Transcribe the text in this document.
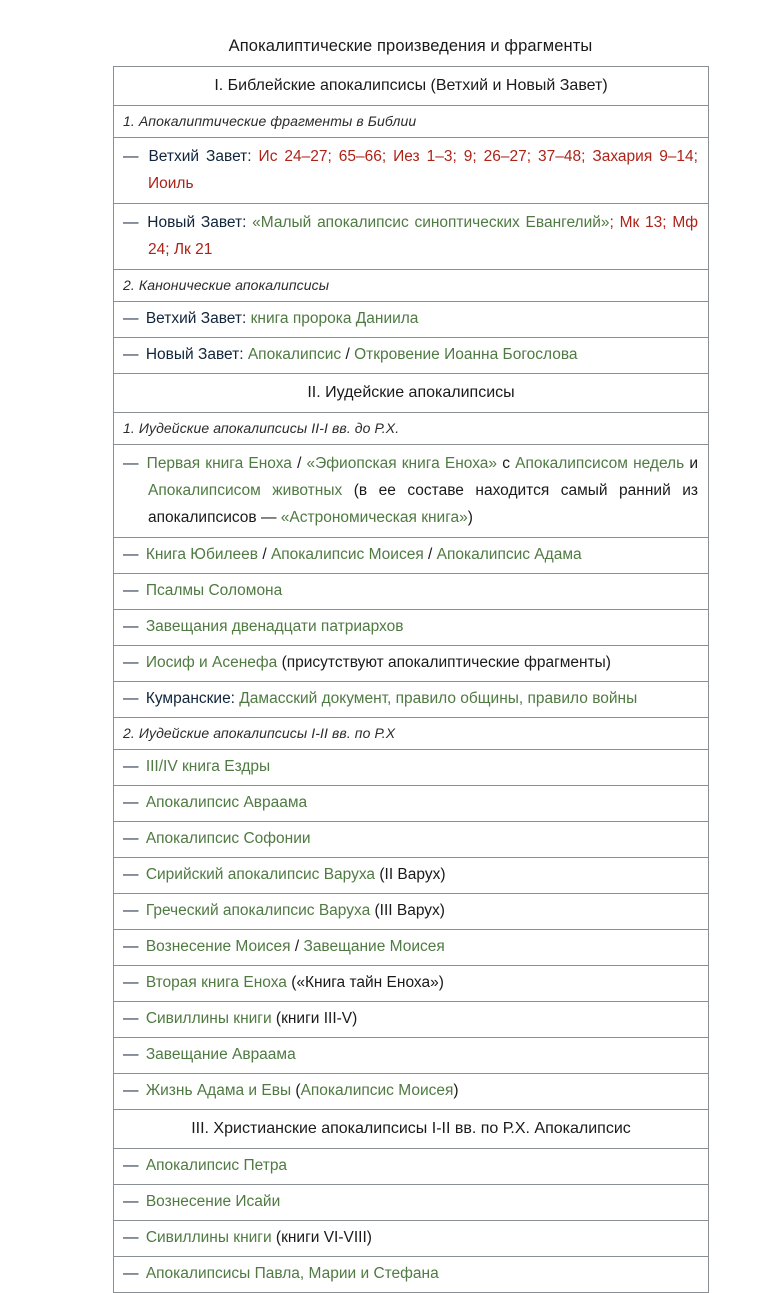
Апокалиптические произведения и фрагменты
I. Библейские апокалипсисы (Ветхий и Новый Завет)

1. Апокалиптические фрагменты в Библии

— Ветхий Завет: Ис 24–27; 65–66; Иез 1–3; 9; 26–27; 37–48; Захария 9–14; Иоиль

— Новый Завет: «Малый апокалипсис синоптических Евангелий»; Мк 13; Мф 24; Лк 21

2. Канонические апокалипсисы

— Ветхий Завет: книга пророка Даниила

— Новый Завет: Апокалипсис / Откровение Иоанна Богослова

II. Иудейские апокалипсисы

1. Иудейские апокалипсисы II-I вв. до Р.Х.

— Первая книга Еноха / «Эфиопская книга Еноха» с Апокалипсисом недель и Апокалипсисом животных (в ее составе находится самый ранний из апокалипсисов — «Астрономическая книга»)

— Книга Юбилеев / Апокалипсис Моисея / Апокалипсис Адама

— Псалмы Соломона

— Завещания двенадцати патриархов

— Иосиф и Асенефа (присутствуют апокалиптические фрагменты)

— Кумранские: Дамасский документ, правило общины, правило войны

2. Иудейские апокалипсисы I-II вв. по Р.Х

— III/IV книга Ездры

— Апокалипсис Авраама

— Апокалипсис Софонии

— Сирийский апокалипсис Варуха (II Варух)

— Греческий апокалипсис Варуха (III Варух)

— Вознесение Моисея / Завещание Моисея

— Вторая книга Еноха («Книга тайн Еноха»)

— Сивиллины книги (книги III-V)

— Завещание Авраама

— Жизнь Адама и Евы (Апокалипсис Моисея)

III. Христианские апокалипсисы I-II вв. по Р.Х. Апокалипсис

— Апокалипсис Петра

— Вознесение Исайи

— Сивиллины книги (книги VI-VIII)

— Апокалипсисы Павла, Марии и Стефана
